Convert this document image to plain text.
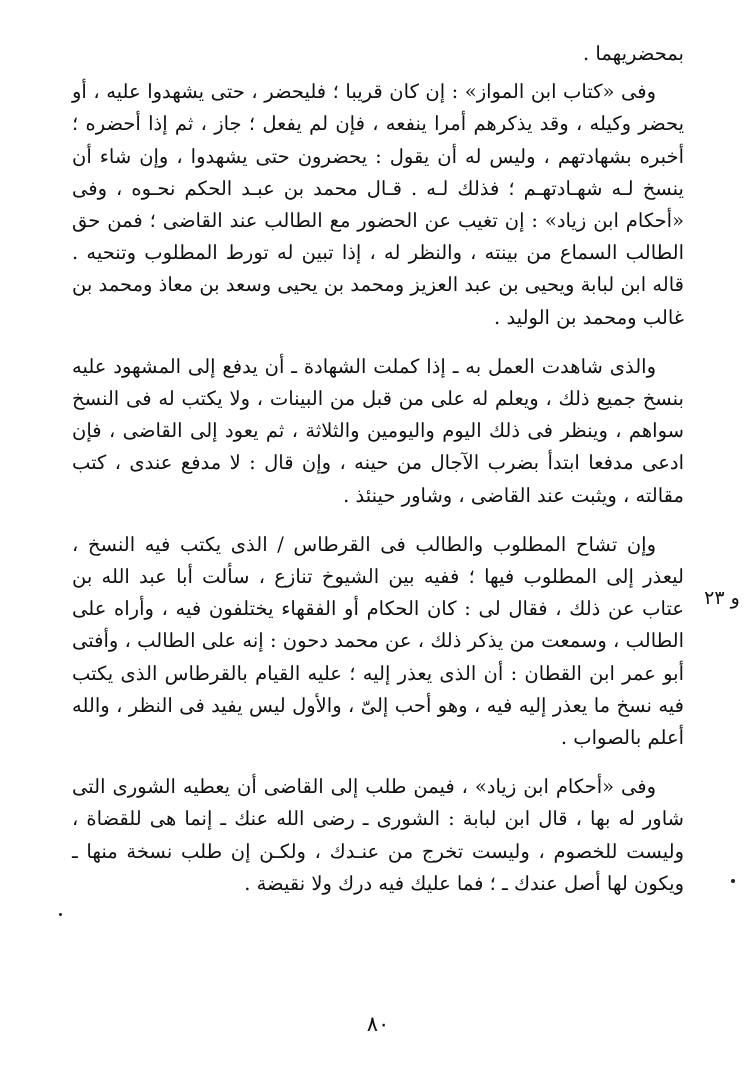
بمحضريهما .

وفى «كتاب ابن المواز» : إن كان قريبا ؛ فليحضر ، حتى يشهدوا عليه ، أو يحضر وكيله ، وقد يذكرهم أمرا ينفعه ، فإن لم يفعل ؛ جاز ، ثم إذا أحضره ؛ أخبره بشهادتهم ، وليس له أن يقول : يحضرون حتى يشهدوا ، وإن شاء أن ينسخ لـه شهـادتهـم ؛ فذلك لـه . قـال محمد بن عبـد الحكم نحـوه ، وفى «أحكام ابن زياد» : إن تغيب عن الحضور مع الطالب عند القاضى ؛ فمن حق الطالب السماع من بينته ، والنظر له ، إذا تبين له تورط المطلوب وتنحيه . قاله ابن لبابة ويحيى بن عبد العزيز ومحمد بن يحيى وسعد بن معاذ ومحمد بن غالب ومحمد بن الوليد .

والذى شاهدت العمل به ـ إذا كملت الشهادة ـ أن يدفع إلى المشهود عليه بنسخ جميع ذلك ، ويعلم له على من قبل من البينات ، ولا يكتب له فى النسخ سواهم ، وينظر فى ذلك اليوم واليومين والثلاثة ، ثم يعود إلى القاضى ، فإن ادعى مدفعا ابتدأ بضرب الآجال من حينه ، وإن قال : لا مدفع عندى ، كتب مقالته ، ويثبت عند القاضى ، وشاور حينئذ .

وإن تشاح المطلوب والطالب فى القرطاس / الذى يكتب فيه النسخ ، ليعذر إلى المطلوب فيها ؛ ففيه بين الشيوخ تنازع ، سألت أبا عبد الله بن عتاب عن ذلك ، فقال لى : كان الحكام أو الفقهاء يختلفون فيه ، وأراه على الطالب ، وسمعت من يذكر ذلك ، عن محمد دحون : إنه على الطالب ، وأفتى أبو عمر ابن القطان : أن الذى يعذر إليه ؛ عليه القيام بالقرطاس الذى يكتب فيه نسخ ما يعذر إليه فيه ، وهو أحب إلىّ ، والأول ليس يفيد فى النظر ، والله أعلم بالصواب .

وفى «أحكام ابن زياد» ، فيمن طلب إلى القاضى أن يعطيه الشورى التى شاور له بها ، قال ابن لبابة : الشورى ـ رضى الله عنك ـ إنما هى للقضاة ، وليست للخصوم ، وليست تخرج من عنـدك ، ولكـن إن طلب نسخة منها ـ ويكون لها أصل عندك ـ ؛ فما عليك فيه درك ولا نقيضة .

و ٢٣
٨٠
